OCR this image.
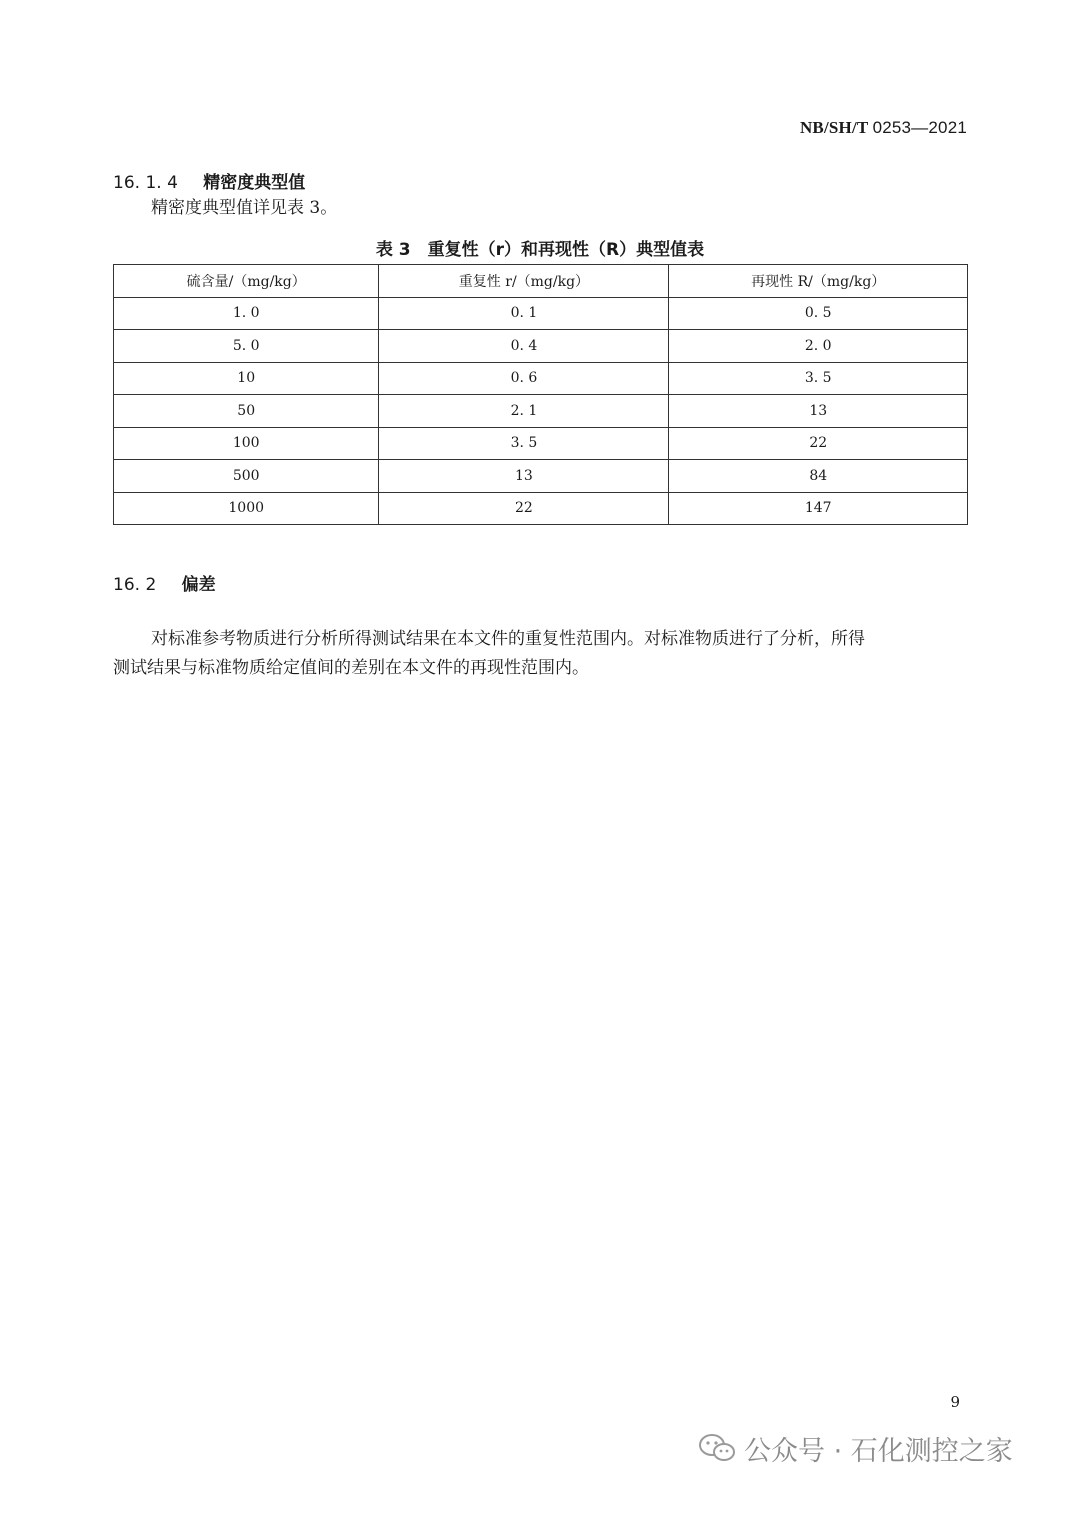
NB/SH/T 0253—2021
16. 1. 4 精密度典型值
精密度典型值详见表 3。
表 3　重复性（r）和再现性（R）典型值表
硫含量/（mg/kg）	重复性 r/（mg/kg）	再现性 R/（mg/kg）
1. 0	0. 1	0. 5
5. 0	0. 4	2. 0
10	0. 6	3. 5
50	2. 1	13
100	3. 5	22
500	13	84
1000	22	147
16. 2 偏差
对标准参考物质进行分析所得测试结果在本文件的重复性范围内。对标准物质进行了分析，所得
测试结果与标准物质给定值间的差别在本文件的再现性范围内。
9
公众号 · 石化测控之家
